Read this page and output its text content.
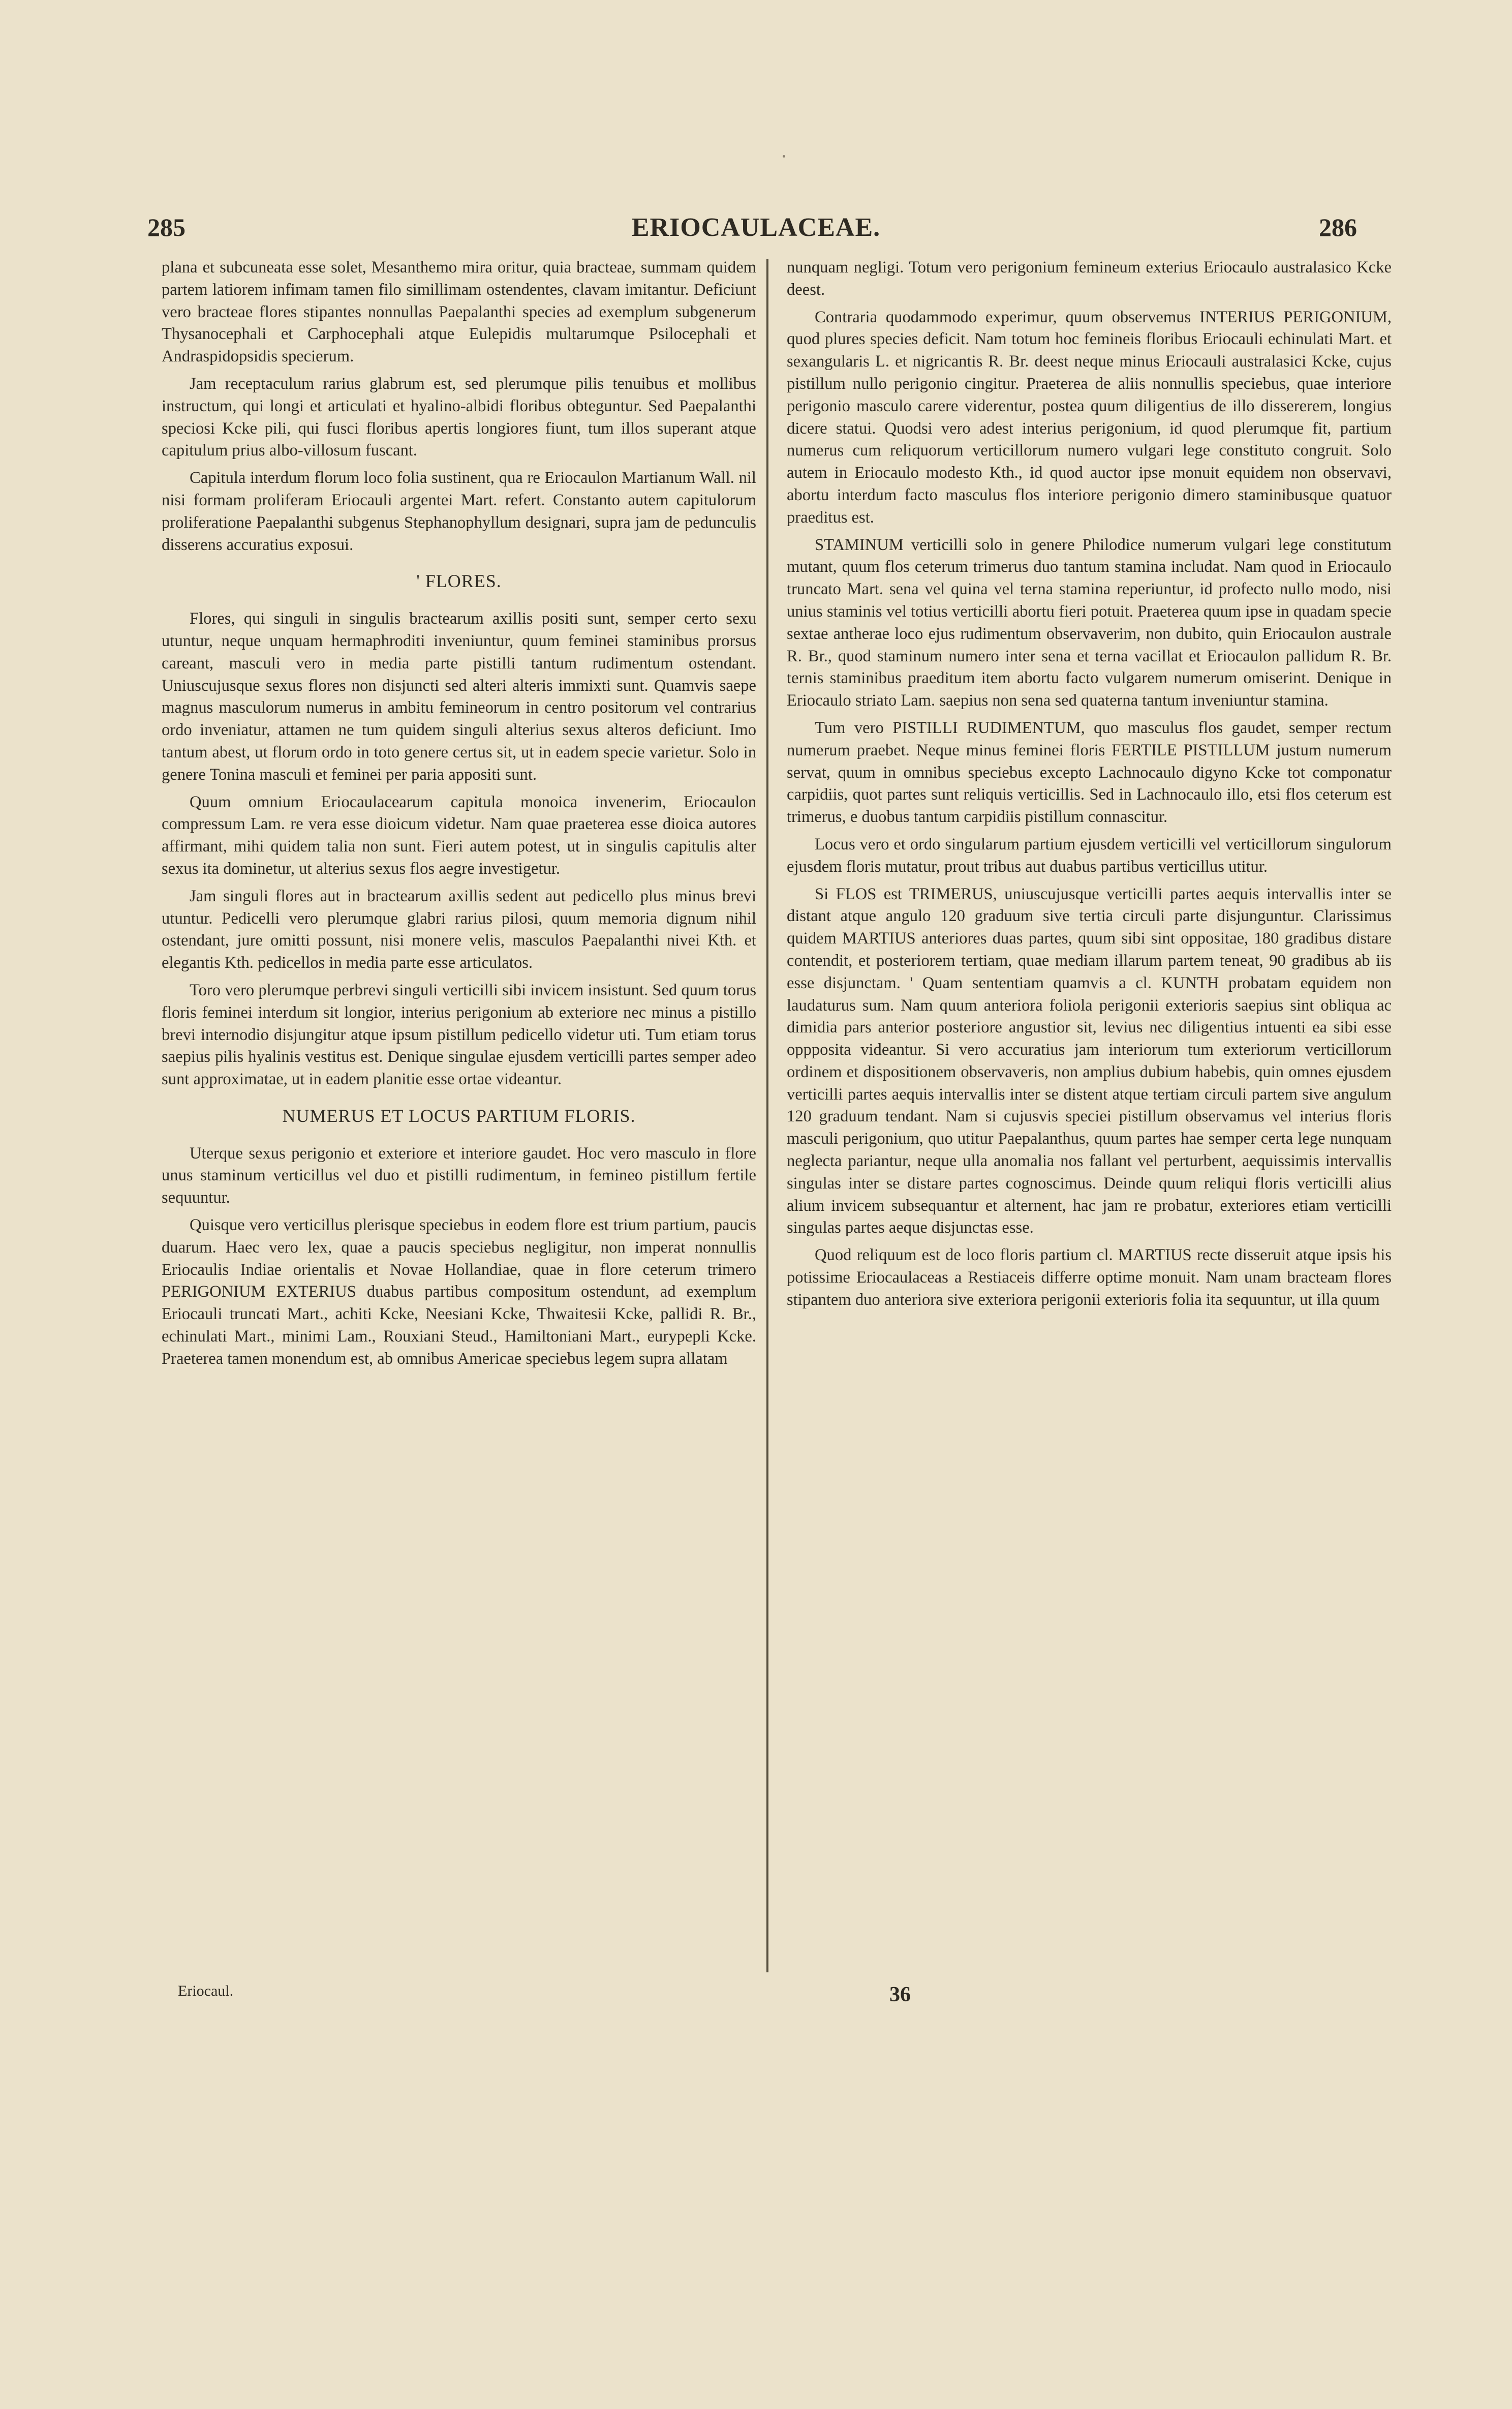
285	ERIOCAULACEAE.	286

plana et subcuneata esse solet, Mesanthemo mira oritur, quia bracteae, summam quidem partem latiorem infimam tamen filo simillimam ostendentes, clavam imitantur. Deficiunt vero bracteae flores stipantes nonnullas Paepalanthi species ad exemplum subgenerum Thysanocephali et Carphocephali atque Eulepidis multarumque Psilocephali et Andraspidopsidis specierum.

Jam receptaculum rarius glabrum est, sed plerumque pilis tenuibus et mollibus instructum, qui longi et articulati et hyalino-albidi floribus obteguntur. Sed Paepalanthi speciosi Kcke pili, qui fusci floribus apertis longiores fiunt, tum illos superant atque capitulum prius albo-villosum fuscant.

Capitula interdum florum loco folia sustinent, qua re Eriocaulon Martianum Wall. nil nisi formam proliferam Eriocauli argentei Mart. refert. Constanto autem capitulorum proliferatione Paepalanthi subgenus Stephanophyllum designari, supra jam de pedunculis disserens accuratius exposui.

' FLORES.

Flores, qui singuli in singulis bractearum axillis positi sunt, semper certo sexu utuntur, neque unquam hermaphroditi inveniuntur, quum feminei staminibus prorsus careant, masculi vero in media parte pistilli tantum rudimentum ostendant. Uniuscujusque sexus flores non disjuncti sed alteri alteris immixti sunt. Quamvis saepe magnus masculorum numerus in ambitu femineorum in centro positorum vel contrarius ordo inveniatur, attamen ne tum quidem singuli alterius sexus alteros deficiunt. Imo tantum abest, ut florum ordo in toto genere certus sit, ut in eadem specie varietur. Solo in genere Tonina masculi et feminei per paria appositi sunt.

Quum omnium Eriocaulacearum capitula monoica invenerim, Eriocaulon compressum Lam. re vera esse dioicum videtur. Nam quae praeterea esse dioica autores affirmant, mihi quidem talia non sunt. Fieri autem potest, ut in singulis capitulis alter sexus ita dominetur, ut alterius sexus flos aegre investigetur.

Jam singuli flores aut in bractearum axillis sedent aut pedicello plus minus brevi utuntur. Pedicelli vero plerumque glabri rarius pilosi, quum memoria dignum nihil ostendant, jure omitti possunt, nisi monere velis, masculos Paepalanthi nivei Kth. et elegantis Kth. pedicellos in media parte esse articulatos.

Toro vero plerumque perbrevi singuli verticilli sibi invicem insistunt. Sed quum torus floris feminei interdum sit longior, interius perigonium ab exteriore nec minus a pistillo brevi internodio disjungitur atque ipsum pistillum pedicello videtur uti. Tum etiam torus saepius pilis hyalinis vestitus est. Denique singulae ejusdem verticilli partes semper adeo sunt approximatae, ut in eadem planitie esse ortae videantur.

NUMERUS ET LOCUS PARTIUM FLORIS.

Uterque sexus perigonio et exteriore et interiore gaudet. Hoc vero masculo in flore unus staminum verticillus vel duo et pistilli rudimentum, in femineo pistillum fertile sequuntur.

Quisque vero verticillus plerisque speciebus in eodem flore est trium partium, paucis duarum. Haec vero lex, quae a paucis speciebus negligitur, non imperat nonnullis Eriocaulis Indiae orientalis et Novae Hollandiae, quae in flore ceterum trimero PERIGONIUM EXTERIUS duabus partibus compositum ostendunt, ad exemplum Eriocauli truncati Mart., achiti Kcke, Neesiani Kcke, Thwaitesii Kcke, pallidi R. Br., echinulati Mart., minimi Lam., Rouxiani Steud., Hamiltoniani Mart., eurypepli Kcke. Praeterea tamen monendum est, ab omnibus Americae speciebus legem supra allatam

nunquam negligi. Totum vero perigonium femineum exterius Eriocaulo australasico Kcke deest.

Contraria quodammodo experimur, quum observemus INTERIUS PERIGONIUM, quod plures species deficit. Nam totum hoc femineis floribus Eriocauli echinulati Mart. et sexangularis L. et nigricantis R. Br. deest neque minus Eriocauli australasici Kcke, cujus pistillum nullo perigonio cingitur. Praeterea de aliis nonnullis speciebus, quae interiore perigonio masculo carere viderentur, postea quum diligentius de illo dissererem, longius dicere statui. Quodsi vero adest interius perigonium, id quod plerumque fit, partium numerus cum reliquorum verticillorum numero vulgari lege constituto congruit. Solo autem in Eriocaulo modesto Kth., id quod auctor ipse monuit equidem non observavi, abortu interdum facto masculus flos interiore perigonio dimero staminibusque quatuor praeditus est.

STAMINUM verticilli solo in genere Philodice numerum vulgari lege constitutum mutant, quum flos ceterum trimerus duo tantum stamina includat. Nam quod in Eriocaulo truncato Mart. sena vel quina vel terna stamina reperiuntur, id profecto nullo modo, nisi unius staminis vel totius verticilli abortu fieri potuit. Praeterea quum ipse in quadam specie sextae antherae loco ejus rudimentum observaverim, non dubito, quin Eriocaulon australe R. Br., quod staminum numero inter sena et terna vacillat et Eriocaulon pallidum R. Br. ternis staminibus praeditum item abortu facto vulgarem numerum omiserint. Denique in Eriocaulo striato Lam. saepius non sena sed quaterna tantum inveniuntur stamina.

Tum vero PISTILLI RUDIMENTUM, quo masculus flos gaudet, semper rectum numerum praebet. Neque minus feminei floris FERTILE PISTILLUM justum numerum servat, quum in omnibus speciebus excepto Lachnocaulo digyno Kcke tot componatur carpidiis, quot partes sunt reliquis verticillis. Sed in Lachnocaulo illo, etsi flos ceterum est trimerus, e duobus tantum carpidiis pistillum connascitur.

Locus vero et ordo singularum partium ejusdem verticilli vel verticillorum singulorum ejusdem floris mutatur, prout tribus aut duabus partibus verticillus utitur.

Si FLOS est TRIMERUS, uniuscujusque verticilli partes aequis intervallis inter se distant atque angulo 120 graduum sive tertia circuli parte disjunguntur. Clarissimus quidem MARTIUS anteriores duas partes, quum sibi sint oppositae, 180 gradibus distare contendit, et posteriorem tertiam, quae mediam illarum partem teneat, 90 gradibus ab iis esse disjunctam. ' Quam sententiam quamvis a cl. KUNTH probatam equidem non laudaturus sum. Nam quum anteriora foliola perigonii exterioris saepius sint obliqua ac dimidia pars anterior posteriore angustior sit, levius nec diligentius intuenti ea sibi esse oppposita videantur. Si vero accuratius jam interiorum tum exteriorum verticillorum ordinem et dispositionem observaveris, non amplius dubium habebis, quin omnes ejusdem verticilli partes aequis intervallis inter se distent atque tertiam circuli partem sive angulum 120 graduum tendant. Nam si cujusvis speciei pistillum observamus vel interius floris masculi perigonium, quo utitur Paepalanthus, quum partes hae semper certa lege nunquam neglecta pariantur, neque ulla anomalia nos fallant vel perturbent, aequissimis intervallis singulas inter se distare partes cognoscimus. Deinde quum reliqui floris verticilli alius alium invicem subsequantur et alternent, hac jam re probatur, exteriores etiam verticilli singulas partes aeque disjunctas esse.

Quod reliquum est de loco floris partium cl. MARTIUS recte disseruit atque ipsis his potissime Eriocaulaceas a Restiaceis differre optime monuit. Nam unam bracteam flores stipantem duo anteriora sive exteriora perigonii exterioris folia ita sequuntur, ut illa quum

Eriocaul.	36
